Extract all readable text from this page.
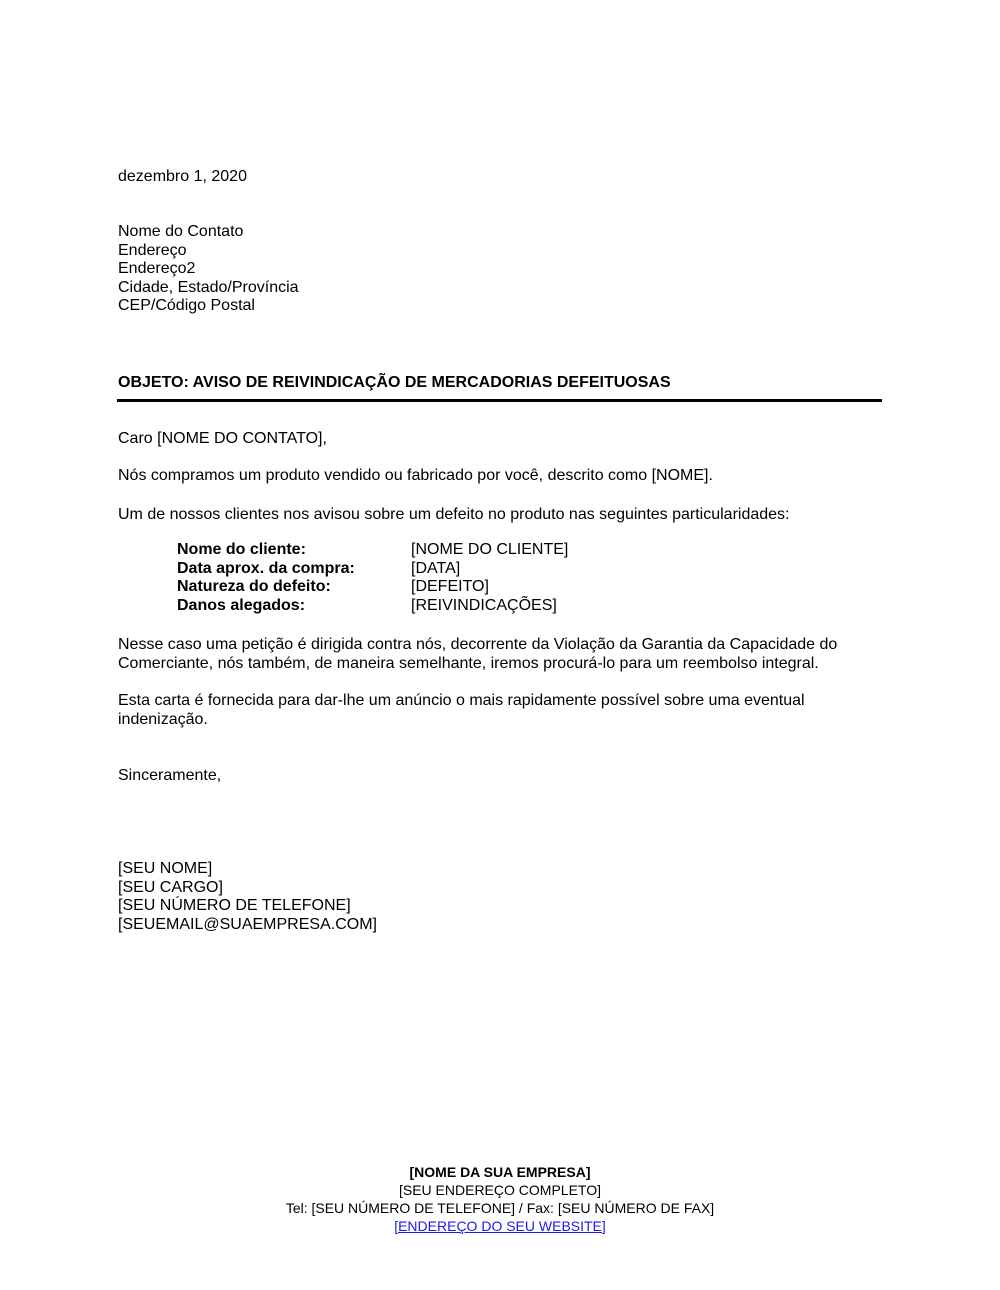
dezembro 1, 2020
Nome do Contato
Endereço
Endereço2
Cidade, Estado/Província
CEP/Código Postal
OBJETO: AVISO DE REIVINDICAÇÃO DE MERCADORIAS DEFEITUOSAS
Caro [NOME DO CONTATO],
Nós compramos um produto vendido ou fabricado por você, descrito como [NOME].
Um de nossos clientes nos avisou sobre um defeito no produto nas seguintes particularidades:
Nome do cliente:	[NOME DO CLIENTE]
Data aprox. da compra:	[DATA]
Natureza do defeito:	[DEFEITO]
Danos alegados:	[REIVINDICAÇÕES]
Nesse caso uma petição é dirigida contra nós, decorrente da Violação da Garantia da Capacidade do Comerciante, nós também, de maneira semelhante, iremos procurá-lo para um reembolso integral.
Esta carta é fornecida para dar-lhe um anúncio o mais rapidamente possível sobre uma eventual indenização.
Sinceramente,
[SEU NOME]
[SEU CARGO]
[SEU NÚMERO DE TELEFONE]
[SEUEMAIL@SUAEMPRESA.COM]
[NOME DA SUA EMPRESA]
[SEU ENDEREÇO COMPLETO]
Tel: [SEU NÚMERO DE TELEFONE] / Fax: [SEU NÚMERO DE FAX]
[ENDEREÇO DO SEU WEBSITE]
